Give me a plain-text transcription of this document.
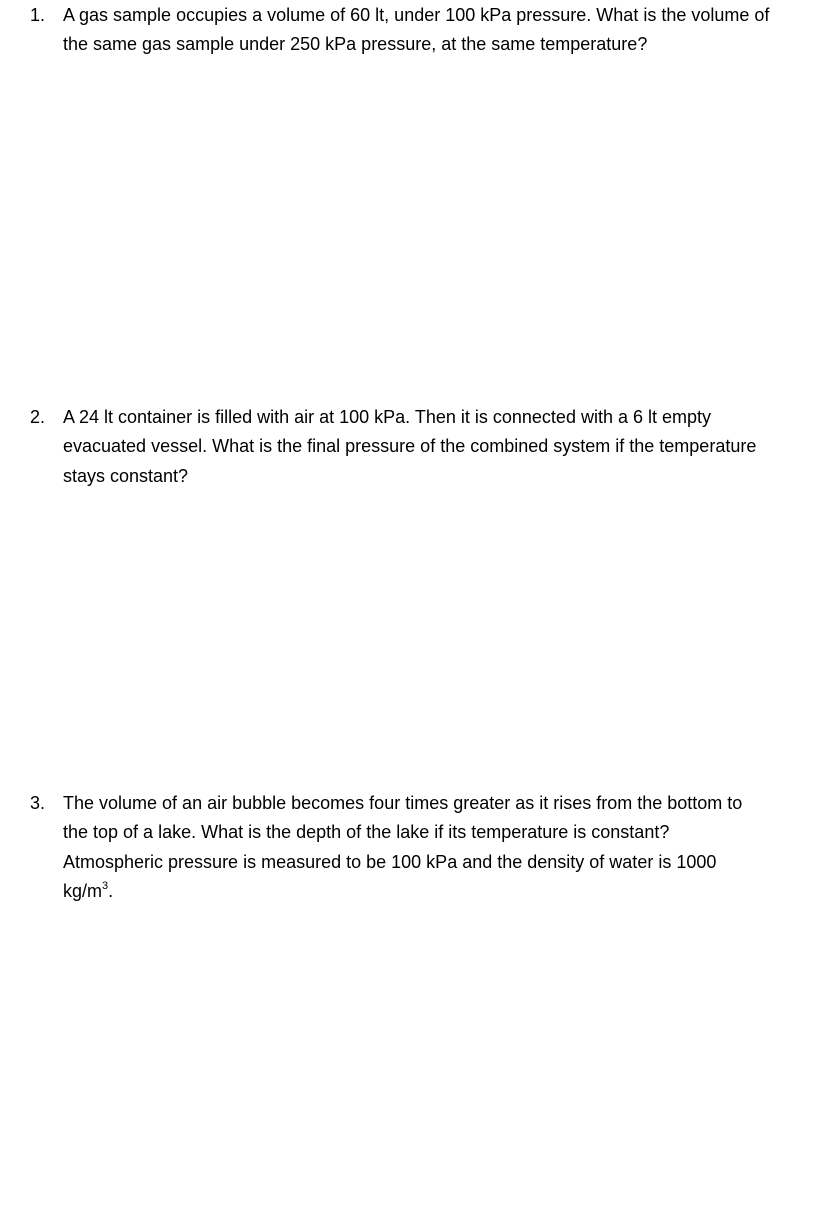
1. A gas sample occupies a volume of 60 lt, under 100 kPa pressure. What is the volume of
the same gas sample under 250 kPa pressure, at the same temperature?
2. A 24 lt container is filled with air at 100 kPa. Then it is connected with a 6 lt empty
evacuated vessel. What is the final pressure of the combined system if the temperature
stays constant?
3. The volume of an air bubble becomes four times greater as it rises from the bottom to
the top of a lake. What is the depth of the lake if its temperature is constant?
Atmospheric pressure is measured to be 100 kPa and the density of water is 1000
$kg/m^3$.
